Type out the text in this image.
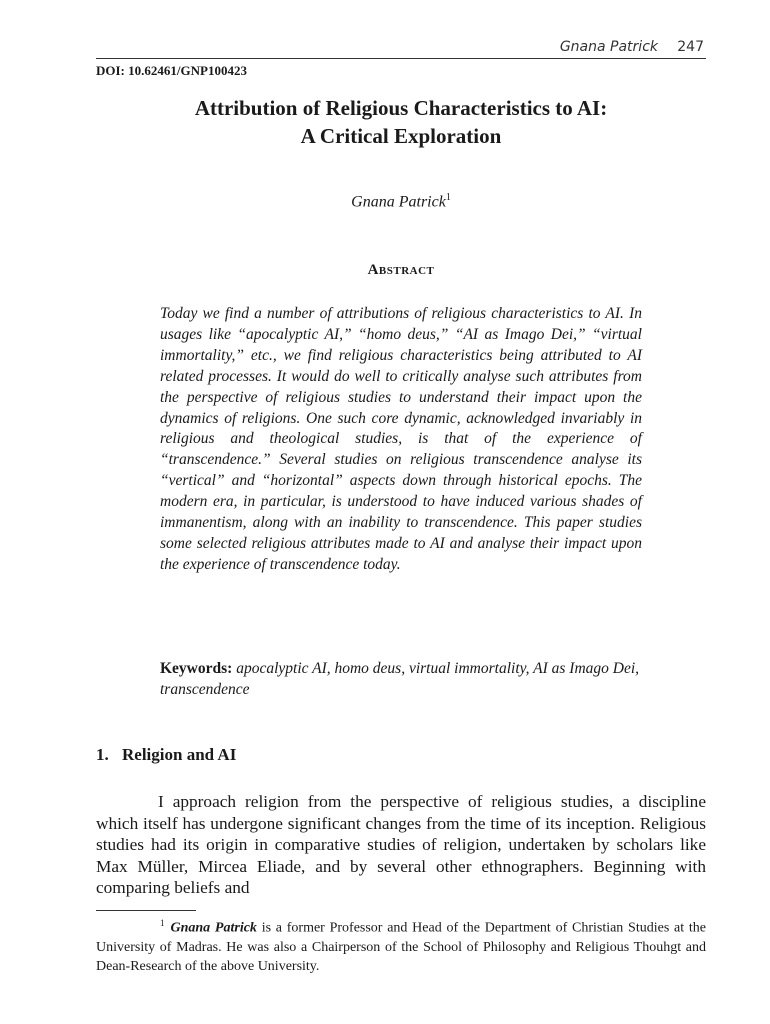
Gnana Patrick 247
DOI: 10.62461/GNP100423
Attribution of Religious Characteristics to AI:
A Critical Exploration
Gnana Patrick$^1$
Abstract

Today we find a number of attributions of religious characteristics to AI. In usages like “apocalyptic AI,” “homo deus,” “AI as Imago Dei,” “virtual immortality,” etc., we find religious characteristics being attributed to AI related processes. It would do well to critically analyse such attributes from the perspective of religious studies to understand their impact upon the dynamics of religions. One such core dynamic, acknowledged invariably in religious and theological studies, is that of the experience of “transcendence.” Several studies on religious transcendence analyse its “vertical” and “horizontal” aspects down through historical epochs. The modern era, in particular, is understood to have induced various shades of immanentism, along with an inability to transcendence. This paper studies some selected religious attributes made to AI and analyse their impact upon the experience of transcendence today.

Keywords: apocalyptic AI, homo deus, virtual immortality, AI as Imago Dei, transcendence
1. Religion and AI

I approach religion from the perspective of religious studies, a discipline which itself has undergone significant changes from the time of its inception. Religious studies had its origin in comparative studies of religion, undertaken by scholars like Max Müller, Mircea Eliade, and by several other ethnographers. Beginning with comparing beliefs and

$^1$ Gnana Patrick is a former Professor and Head of the Department of Christian Studies at the University of Madras. He was also a Chairperson of the School of Philosophy and Religious Thouhgt and Dean-Research of the above University.
